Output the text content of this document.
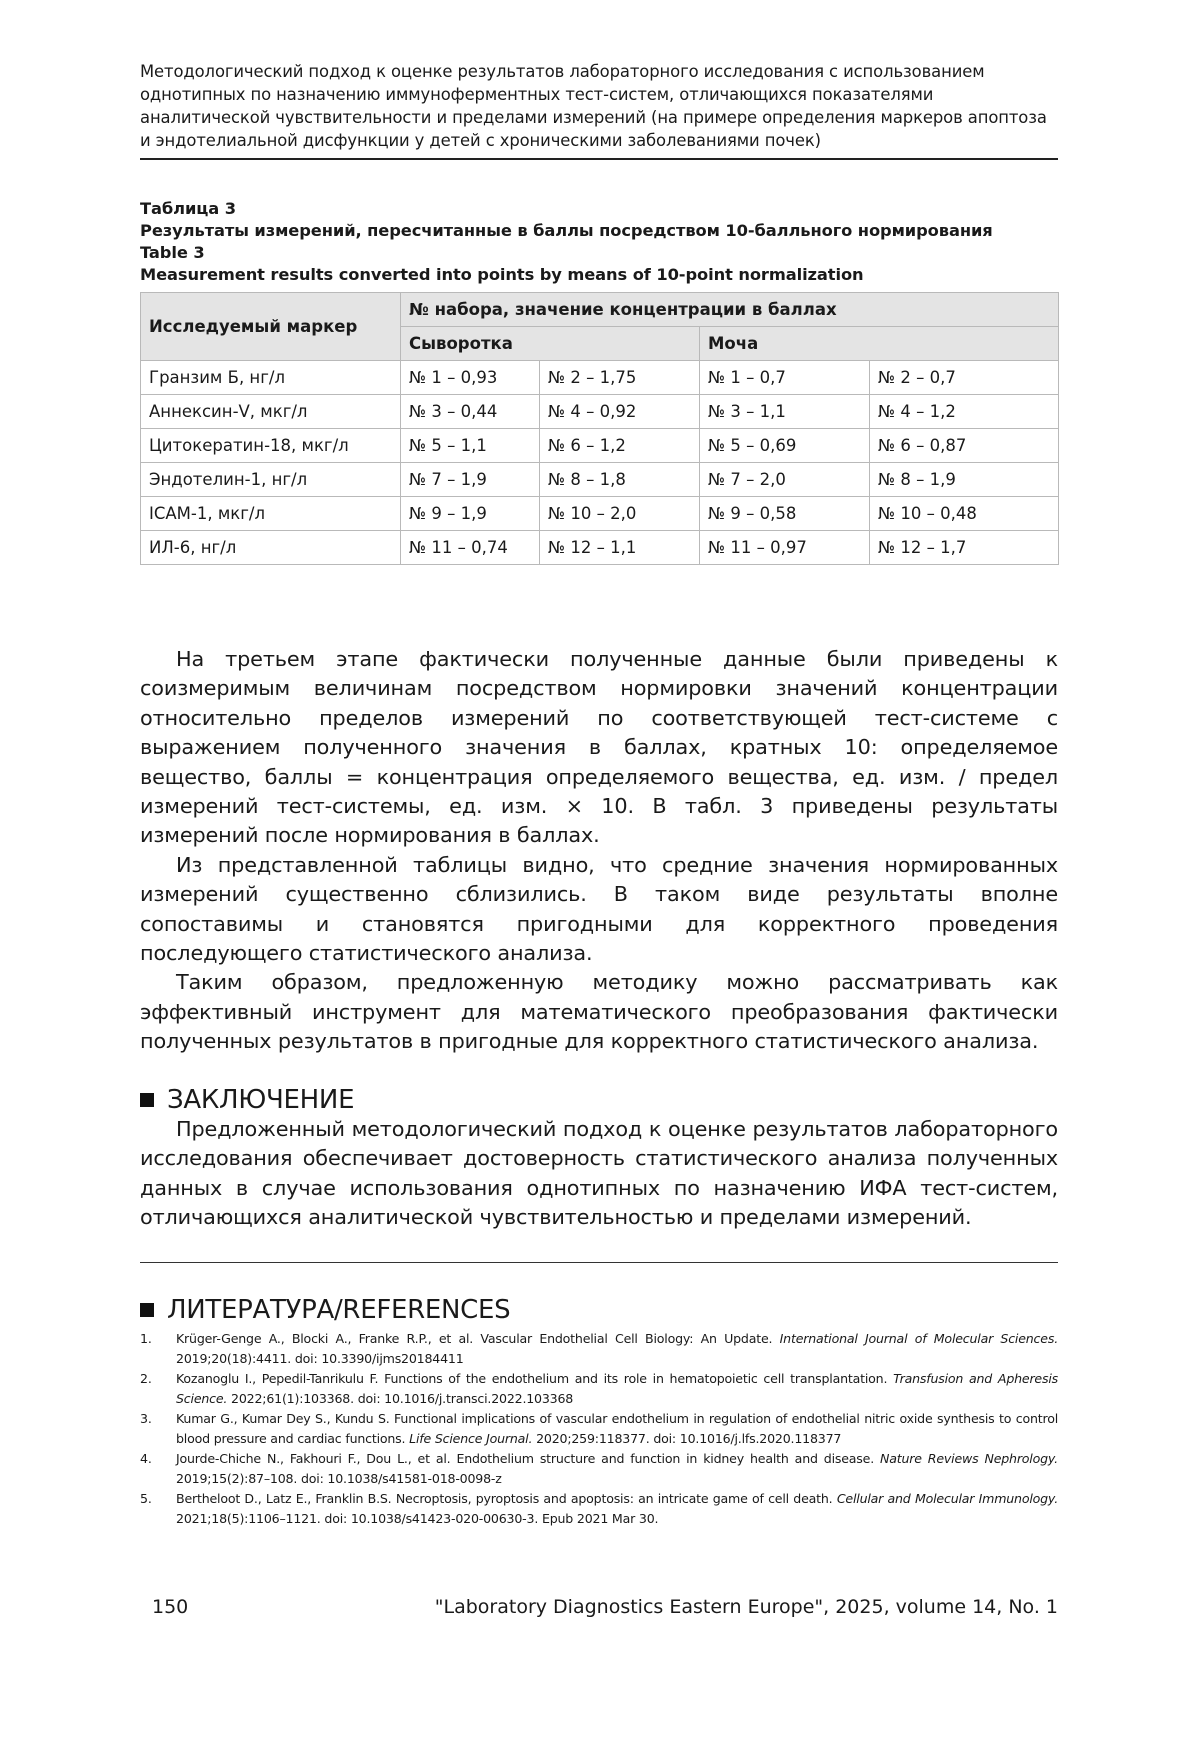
Методологический подход к оценке результатов лабораторного исследования с использованием однотипных по назначению иммуноферментных тест-систем, отличающихся показателями аналитической чувствительности и пределами измерений (на примере определения маркеров апоптоза и эндотелиальной дисфункции у детей с хроническими заболеваниями почек)
Таблица 3
Результаты измерений, пересчитанные в баллы посредством 10-балльного нормирования
Table 3
Measurement results converted into points by means of 10-point normalization
Исследуемый маркер	№ набора, значение концентрации в баллах			
	Сыворотка		Моча	
Гранзим Б, нг/л	№ 1 – 0,93	№ 2 – 1,75	№ 1 – 0,7	№ 2 – 0,7
Аннексин-V, мкг/л	№ 3 – 0,44	№ 4 – 0,92	№ 3 – 1,1	№ 4 – 1,2
Цитокератин-18, мкг/л	№ 5 – 1,1	№ 6 – 1,2	№ 5 – 0,69	№ 6 – 0,87
Эндотелин-1, нг/л	№ 7 – 1,9	№ 8 – 1,8	№ 7 – 2,0	№ 8 – 1,9
ICAM-1, мкг/л	№ 9 – 1,9	№ 10 – 2,0	№ 9 – 0,58	№ 10 – 0,48
ИЛ-6, нг/л	№ 11 – 0,74	№ 12 – 1,1	№ 11 – 0,97	№ 12 – 1,7

На третьем этапе фактически полученные данные были приведены к соизмеримым величинам посредством нормировки значений концентрации относительно пределов измерений по соответствующей тест-системе с выражением полученного значения в баллах, кратных 10: определяемое вещество, баллы = концентрация определяемого вещества, ед. изм. / предел измерений тест-системы, ед. изм. × 10. В табл. 3 приведены результаты измерений после нормирования в баллах.

Из представленной таблицы видно, что средние значения нормированных измерений существенно сблизились. В таком виде результаты вполне сопоставимы и становятся пригодными для корректного проведения последующего статистического анализа.

Таким образом, предложенную методику можно рассматривать как эффективный инструмент для математического преобразования фактически полученных результатов в пригодные для корректного статистического анализа.

ЗАКЛЮЧЕНИЕ

Предложенный методологический подход к оценке результатов лабораторного исследования обеспечивает достоверность статистического анализа полученных данных в случае использования однотипных по назначению ИФА тест-систем, отличающихся аналитической чувствительностью и пределами измерений.

ЛИТЕРАТУРА/REFERENCES
1. Krüger-Genge A., Blocki A., Franke R.P., et al. Vascular Endothelial Cell Biology: An Update. International Journal of Molecular Sciences. 2019;20(18):4411. doi: 10.3390/ijms20184411
2. Kozanoglu I., Pepedil-Tanrikulu F. Functions of the endothelium and its role in hematopoietic cell transplantation. Transfusion and Apheresis Science. 2022;61(1):103368. doi: 10.1016/j.transci.2022.103368
3. Kumar G., Kumar Dey S., Kundu S. Functional implications of vascular endothelium in regulation of endothelial nitric oxide synthesis to control blood pressure and cardiac functions. Life Science Journal. 2020;259:118377. doi: 10.1016/j.lfs.2020.118377
4. Jourde-Chiche N., Fakhouri F., Dou L., et al. Endothelium structure and function in kidney health and disease. Nature Reviews Nephrology. 2019;15(2):87–108. doi: 10.1038/s41581-018-0098-z
5. Bertheloot D., Latz E., Franklin B.S. Necroptosis, pyroptosis and apoptosis: an intricate game of cell death. Cellular and Molecular Immunology. 2021;18(5):1106–1121. doi: 10.1038/s41423-020-00630-3. Epub 2021 Mar 30.
150	"Laboratory Diagnostics Eastern Europe", 2025, volume 14, No. 1
